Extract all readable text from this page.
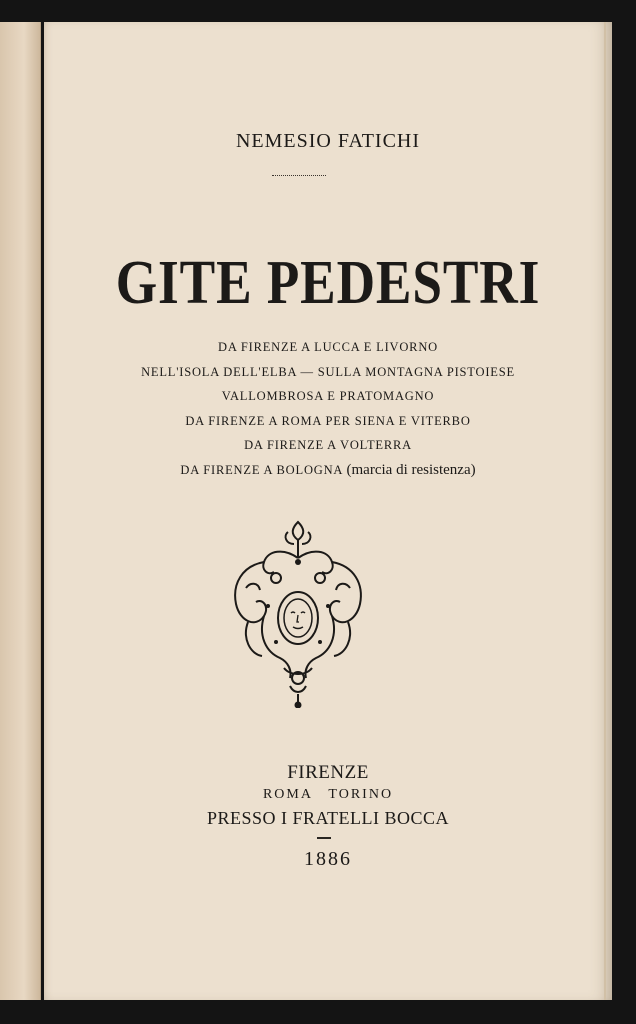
NEMESIO FATICHI
GITE PEDESTRI
DA FIRENZE A LUCCA E LIVORNO
NELL'ISOLA DELL'ELBA — SULLA MONTAGNA PISTOIESE
VALLOMBROSA E PRATOMAGNO
DA FIRENZE A ROMA PER SIENA E VITERBO
DA FIRENZE A VOLTERRA
DA FIRENZE A BOLOGNA (marcia di resistenza)
FIRENZE
ROMA   TORINO
PRESSO I FRATELLI BOCCA
1886
